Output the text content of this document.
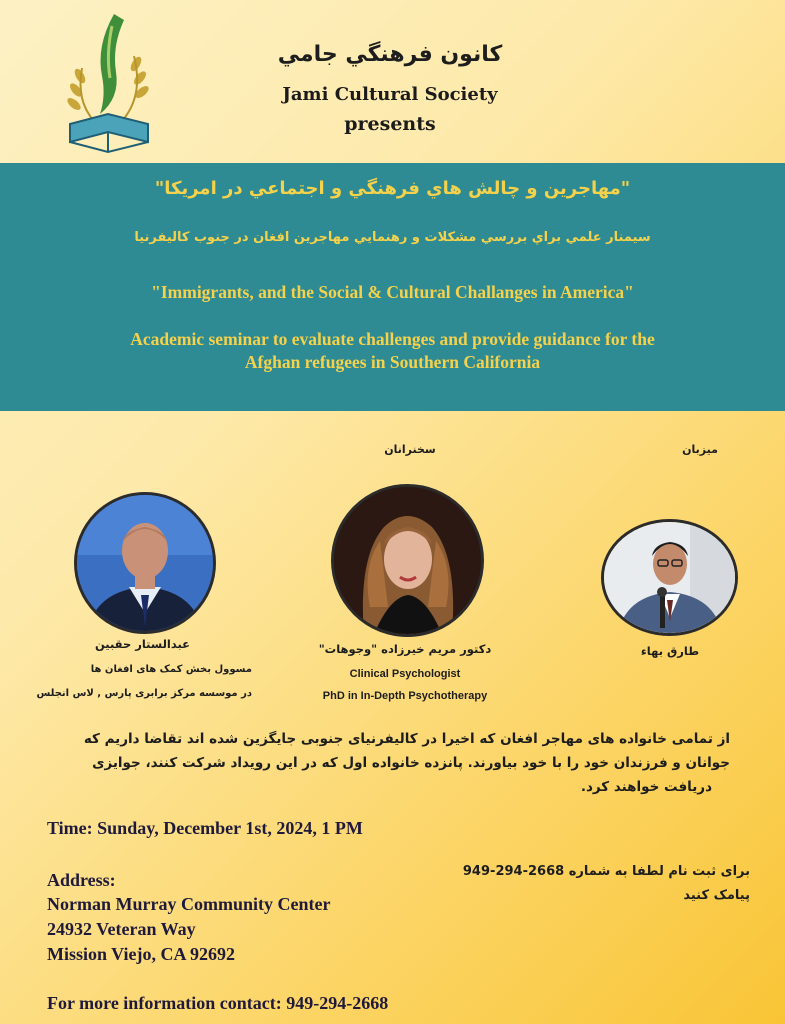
كانون فرهنگي جامي
Jami Cultural Society
presents
"مهاجرين و چالش هاي فرهنگي و اجتماعي در امريكا"
سيمنار علمي براي بررسي مشكلات و رهنمايي مهاجرين افغان در جنوب كاليفرنيا
"Immigrants, and the Social & Cultural Challanges in America"
Academic seminar to evaluate challenges and provide guidance for the
Afghan refugees in Southern California
سخنرانان	ميزبان
عبدالستار حقبين
مسوول بخش کمک های افغان ها
در موسسه مرکز برابری پارس , لاس انجلس
دکتور مريم خيرزاده "وجوهات"
Clinical Psychologist
PhD in In-Depth Psychotherapy
طارق بهاء
از تمامی خانواده های مهاجر افغان که اخيرا در کاليفرنيای جنوبی جايگزين شده اند تقاضا داريم که
جوانان و فرزندان خود را با خود بياورند. پانزده خانواده اول که در اين رويداد شرکت کنند، جوايزی
دريافت خواهند کرد.
Time: Sunday, December 1st, 2024, 1 PM
Address:
Norman Murray Community Center
24932 Veteran Way
Mission Viejo, CA 92692
For more information contact: 949-294-2668
برای ثبت نام لطفا به شماره 2668-294-949
پيامک کنيد
